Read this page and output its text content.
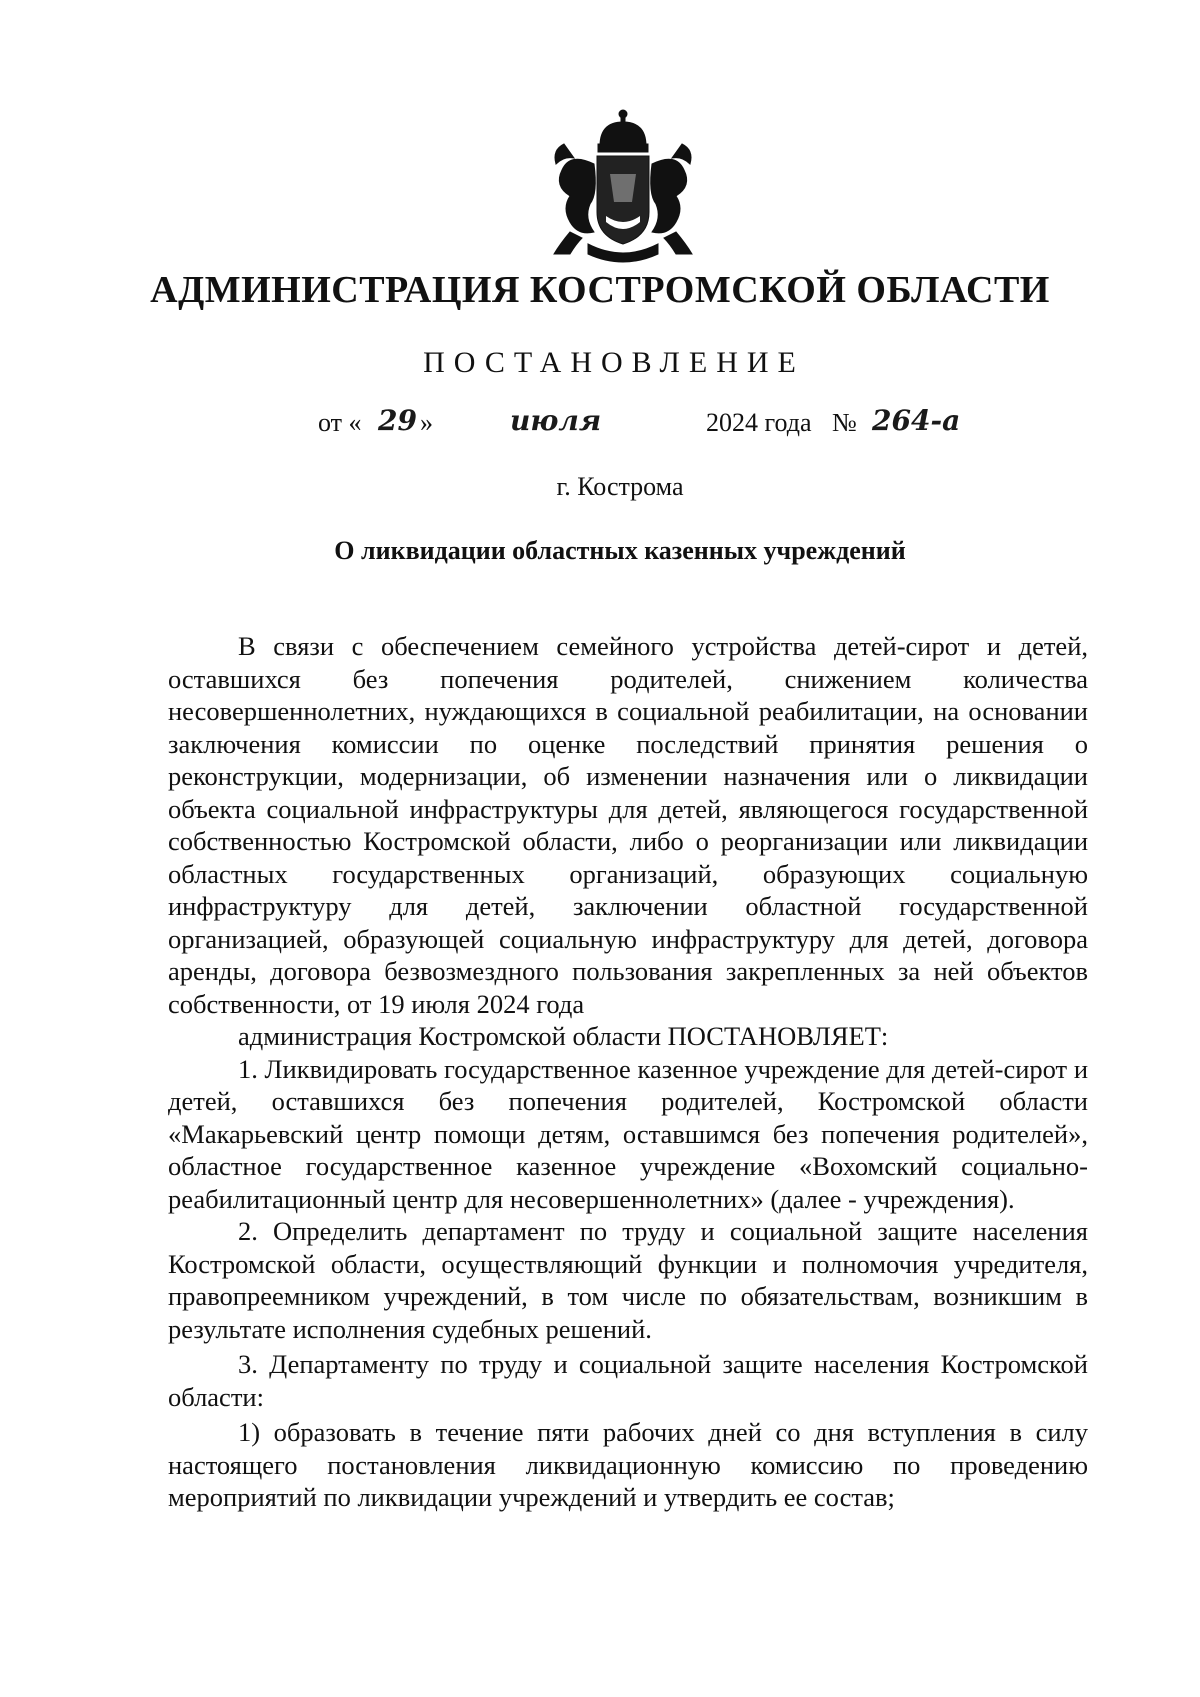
АДМИНИСТРАЦИЯ КОСТРОМСКОЙ ОБЛАСТИ
ПОСТАНОВЛЕНИЕ
от « 29 »	июля	2024 года № 264-а
г. Кострома
О ликвидации областных казенных учреждений

В связи с обеспечением семейного устройства детей-сирот и детей, оставшихся без попечения родителей, снижением количества несовершеннолетних, нуждающихся в социальной реабилитации, на основании заключения комиссии по оценке последствий принятия решения о реконструкции, модернизации, об изменении назначения или о ликвидации объекта социальной инфраструктуры для детей, являющегося государственной собственностью Костромской области, либо о реорганизации или ликвидации областных государственных организаций, образующих социальную инфраструктуру для детей, заключении областной государственной организацией, образующей социальную инфраструктуру для детей, договора аренды, договора безвозмездного пользования закрепленных за ней объектов собственности, от 19 июля 2024 года

администрация Костромской области ПОСТАНОВЛЯЕТ:

1. Ликвидировать государственное казенное учреждение для детей-сирот и детей, оставшихся без попечения родителей, Костромской области «Макарьевский центр помощи детям, оставшимся без попечения родителей», областное государственное казенное учреждение «Вохомский социально-реабилитационный центр для несовершеннолетних» (далее - учреждения).

2. Определить департамент по труду и социальной защите населения Костромской области, осуществляющий функции и полномочия учредителя, правопреемником учреждений, в том числе по обязательствам, возникшим в результате исполнения судебных решений.

3. Департаменту по труду и социальной защите населения Костромской области:

1) образовать в течение пяти рабочих дней со дня вступления в силу настоящего постановления ликвидационную комиссию по проведению мероприятий по ликвидации учреждений и утвердить ее состав;
